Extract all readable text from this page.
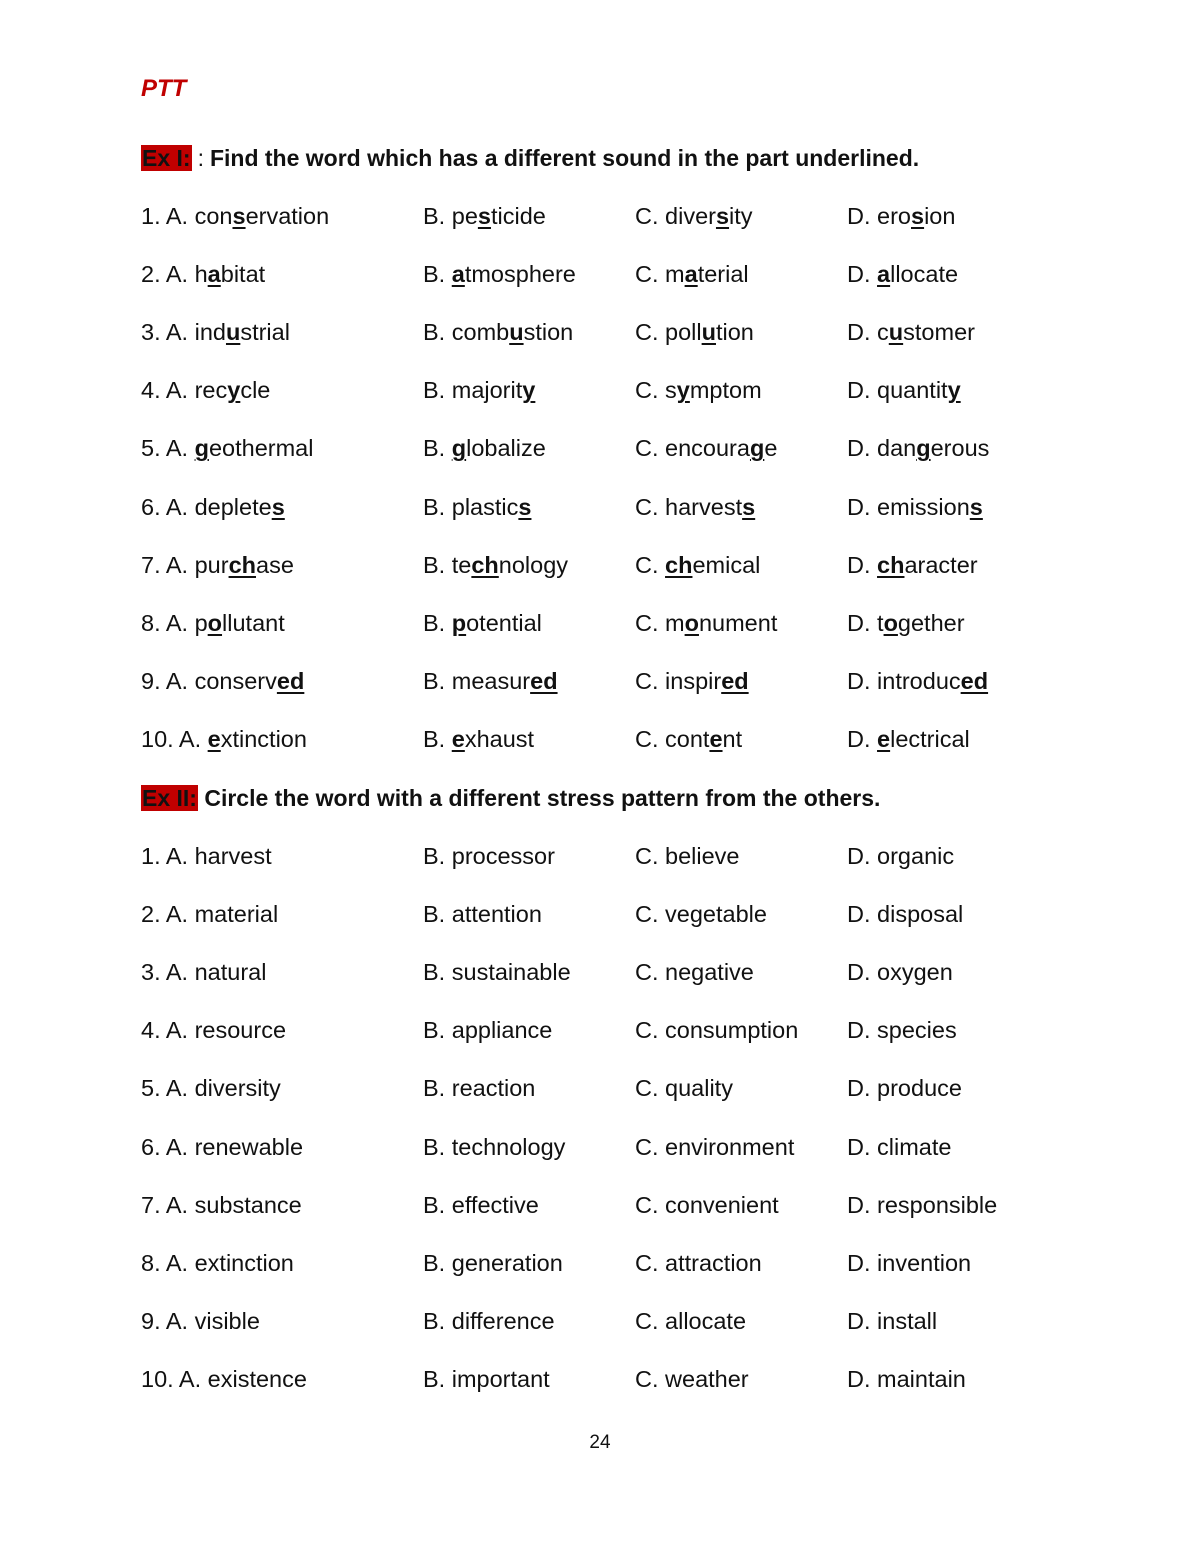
PTT
Ex I: : Find the word which has a different sound in the part underlined.
1. A. conservation	B. pesticide	C. diversity	D. erosion
2. A. habitat	B. atmosphere	C. material	D. allocate
3. A. industrial	B. combustion	C. pollution	D. customer
4. A. recycle	B. majority	C. symptom	D. quantity
5. A. geothermal	B. globalize	C. encourage	D. dangerous
6. A. depletes	B. plastics	C. harvests	D. emissions
7. A. purchase	B. technology	C. chemical	D. character
8. A. pollutant	B. potential	C. monument	D. together
9. A. conserved	B. measured	C. inspired	D. introduced
10. A. extinction	B. exhaust	C. content	D. electrical
Ex II: Circle the word with a different stress pattern from the others.
1. A. harvest	B. processor	C. believe	D. organic
2. A. material	B. attention	C. vegetable	D. disposal
3. A. natural	B. sustainable	C. negative	D. oxygen
4. A. resource	B. appliance	C. consumption	D. species
5. A. diversity	B. reaction	C. quality	D. produce
6. A. renewable	B. technology	C. environment	D. climate
7. A. substance	B. effective	C. convenient	D. responsible
8. A. extinction	B. generation	C. attraction	D. invention
9. A. visible	B. difference	C. allocate	D. install
10. A. existence	B. important	C. weather	D. maintain
24
